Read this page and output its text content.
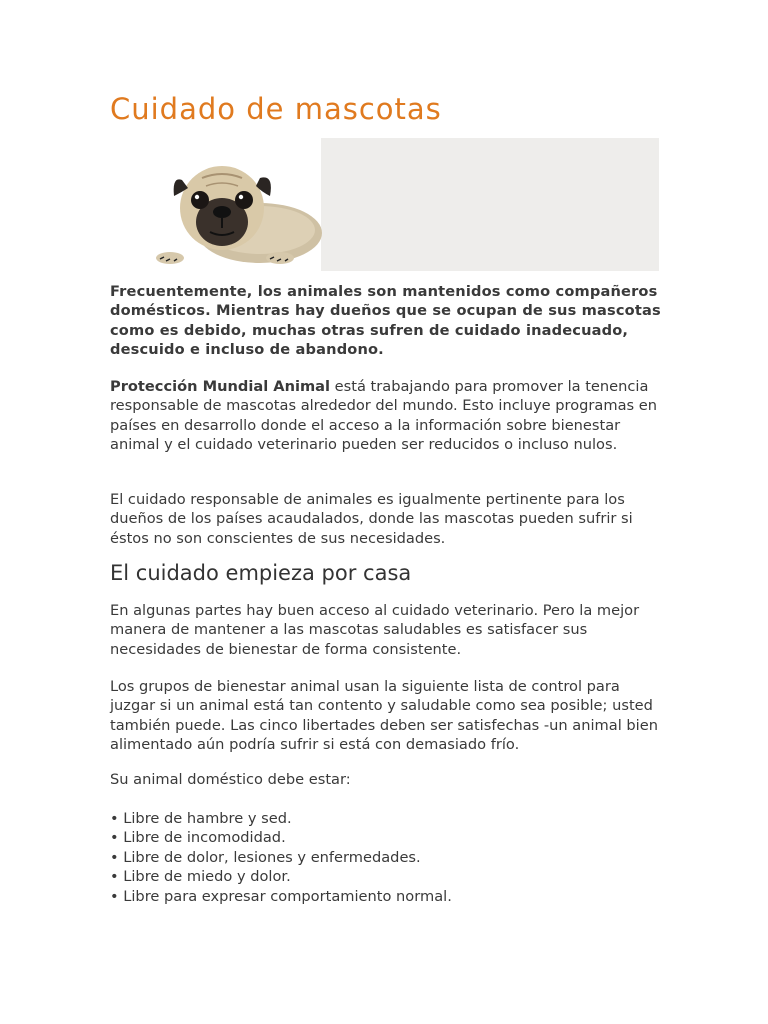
Cuidado de mascotas

Frecuentemente, los animales son mantenidos como compañeros domésticos. Mientras hay dueños que se ocupan de sus mascotas como es debido, muchas otras sufren de cuidado inadecuado, descuido e incluso de abandono.

Protección Mundial Animal está trabajando para promover la tenencia responsable de mascotas alrededor del mundo. Esto incluye programas en países en desarrollo donde el acceso a la información sobre bienestar animal y el cuidado veterinario pueden ser reducidos o incluso nulos.

El cuidado responsable de animales es igualmente pertinente para los dueños de los países acaudalados, donde las mascotas pueden sufrir si éstos no son conscientes de sus necesidades.

El cuidado empieza por casa

En algunas partes hay buen acceso al cuidado veterinario. Pero la mejor manera de mantener a las mascotas saludables es satisfacer sus necesidades de bienestar de forma consistente.

Los grupos de bienestar animal usan la siguiente lista de control para juzgar si un animal está tan contento y saludable como sea posible; usted también puede. Las cinco libertades deben ser satisfechas -un animal bien alimentado aún podría sufrir si está con demasiado frío.

Su animal doméstico debe estar:

• Libre de hambre y sed.
• Libre de incomodidad.
• Libre de dolor, lesiones y enfermedades.
• Libre de miedo y dolor.
• Libre para expresar comportamiento normal.
